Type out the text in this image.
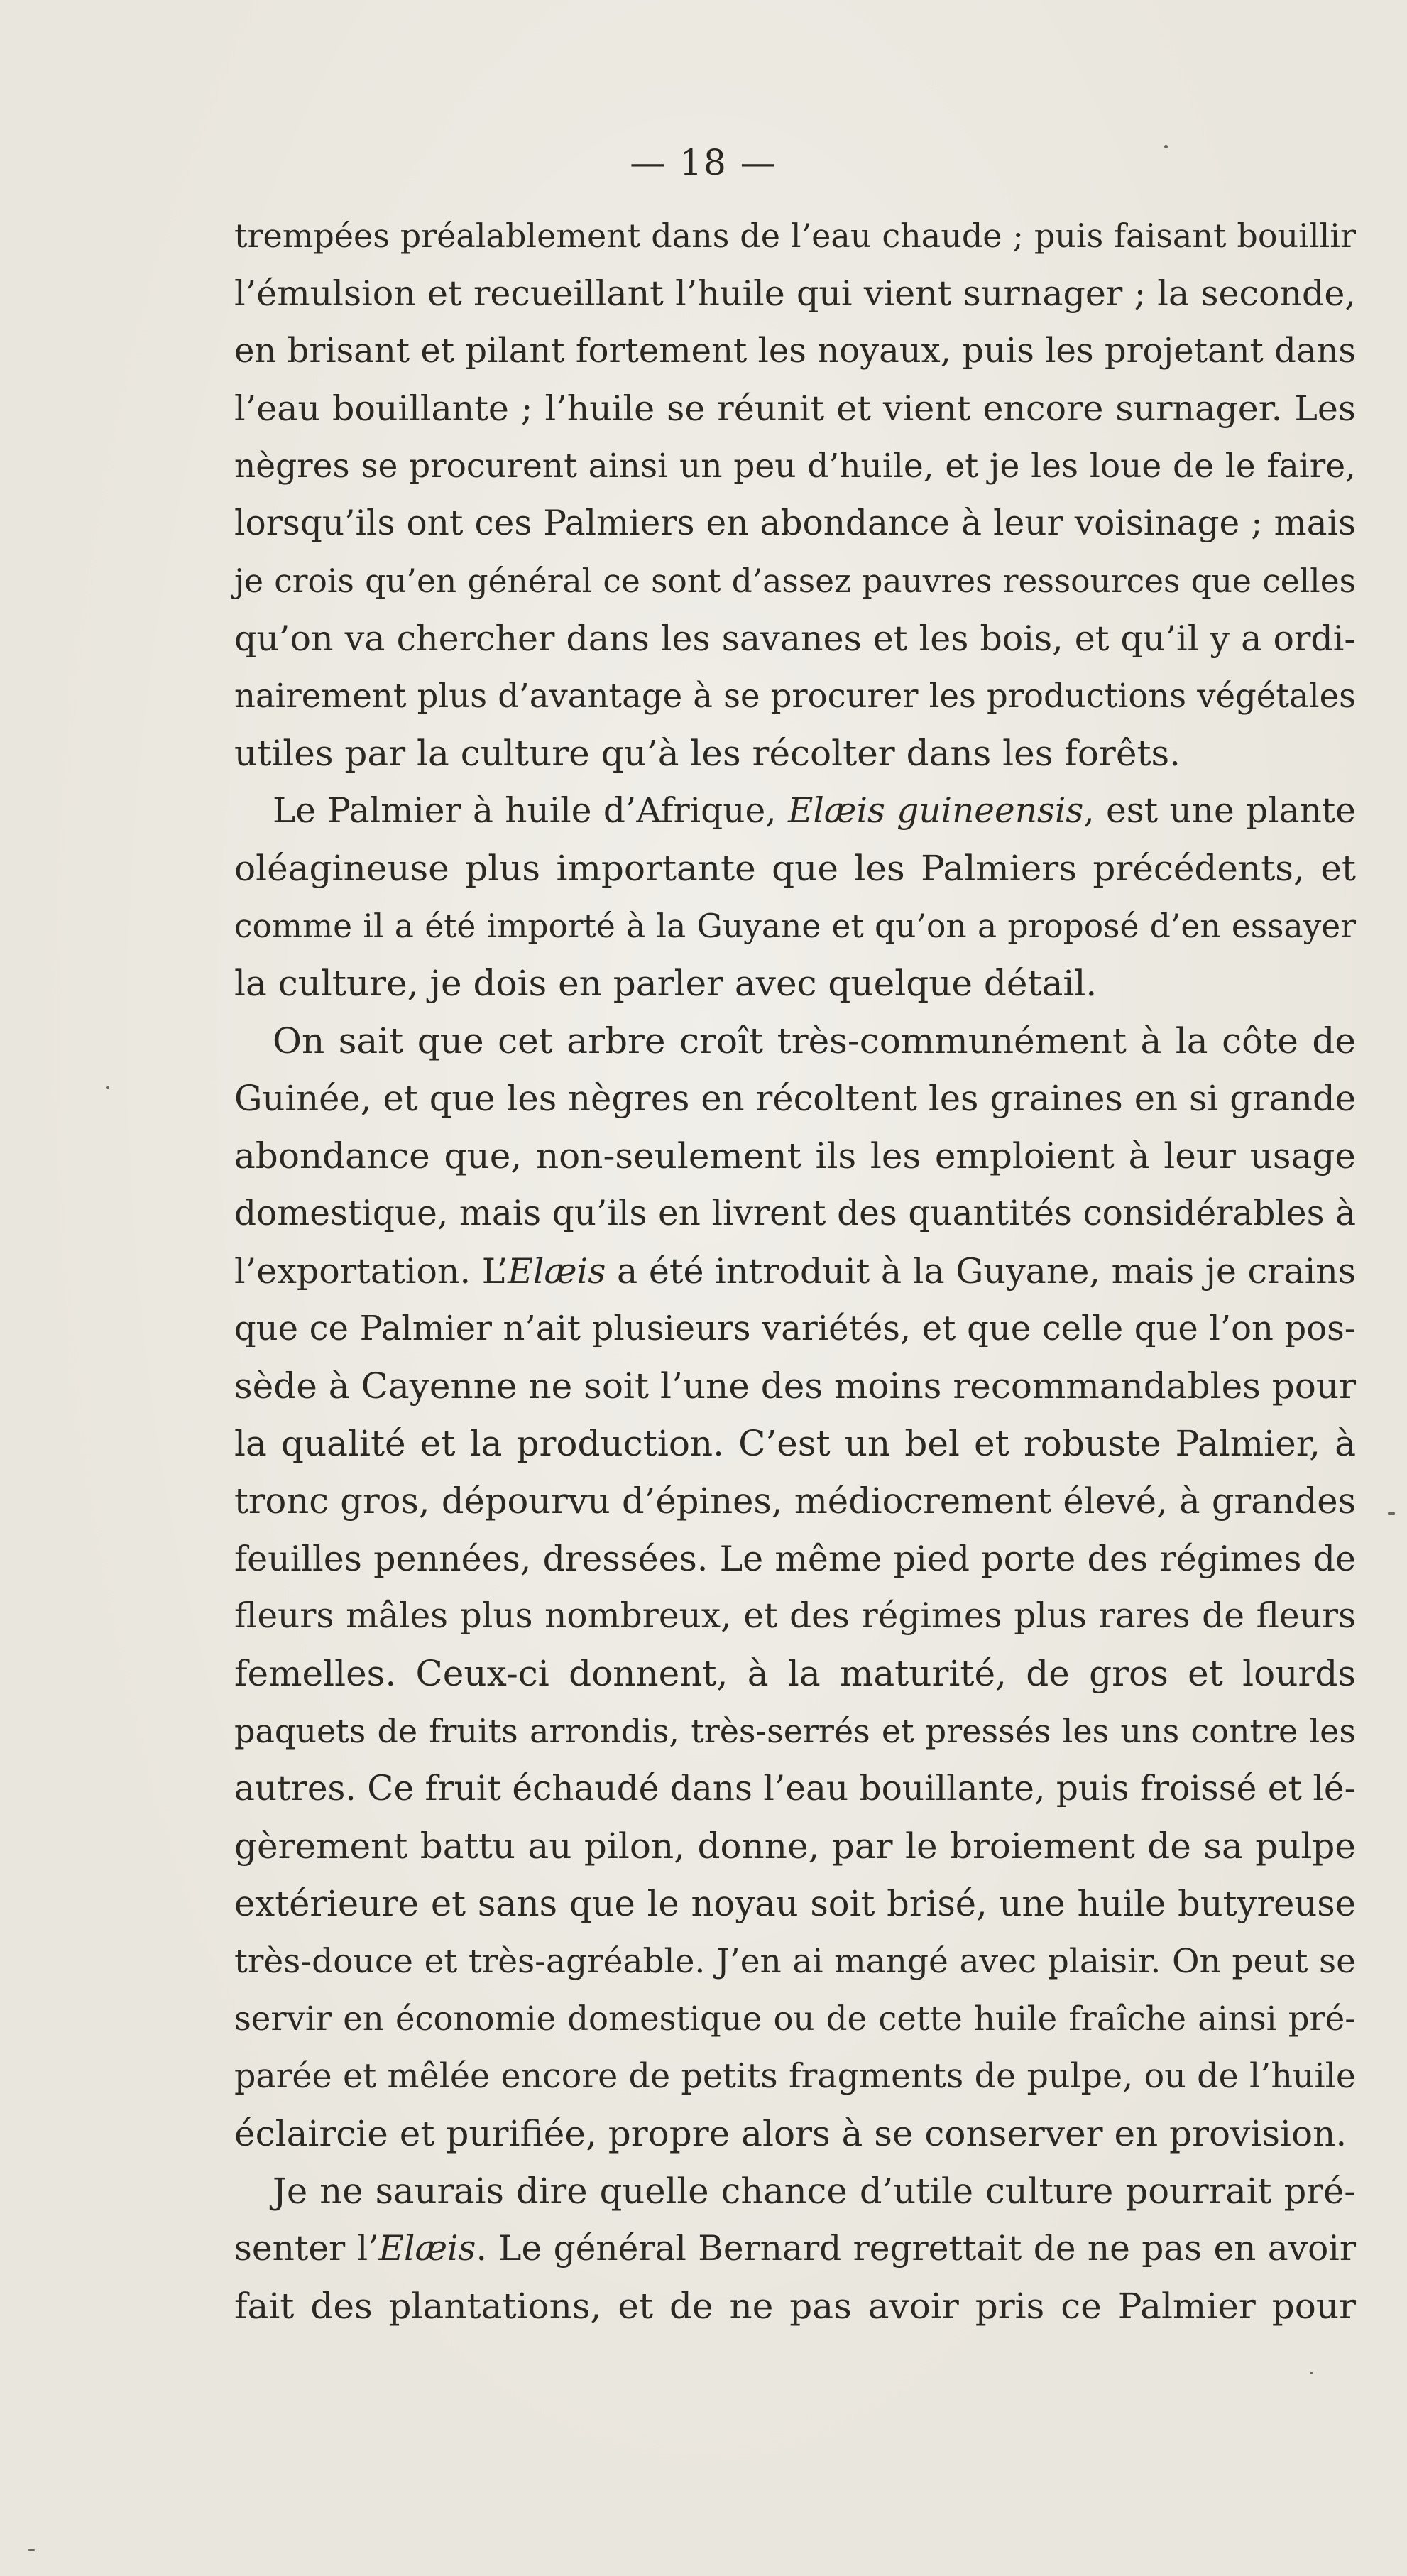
— 18 —
trempées préalablement dans de l’eau chaude ; puis faisant bouillir
l’émulsion et recueillant l’huile qui vient surnager ; la seconde,
en brisant et pilant fortement les noyaux, puis les projetant dans
l’eau bouillante ; l’huile se réunit et vient encore surnager. Les
nègres se procurent ainsi un peu d’huile, et je les loue de le faire,
lorsqu’ils ont ces Palmiers en abondance à leur voisinage ; mais
je crois qu’en général ce sont d’assez pauvres ressources que celles
qu’on va chercher dans les savanes et les bois, et qu’il y a ordi-
nairement plus d’avantage à se procurer les productions végétales
utiles par la culture qu’à les récolter dans les forêts.
Le Palmier à huile d’Afrique, Elæis guineensis, est une plante
oléagineuse plus importante que les Palmiers précédents, et
comme il a été importé à la Guyane et qu’on a proposé d’en essayer
la culture, je dois en parler avec quelque détail.
On sait que cet arbre croît très-communément à la côte de
Guinée, et que les nègres en récoltent les graines en si grande
abondance que, non-seulement ils les emploient à leur usage
domestique, mais qu’ils en livrent des quantités considérables à
l’exportation. L’Elæis a été introduit à la Guyane, mais je crains
que ce Palmier n’ait plusieurs variétés, et que celle que l’on pos-
sède à Cayenne ne soit l’une des moins recommandables pour
la qualité et la production. C’est un bel et robuste Palmier, à
tronc gros, dépourvu d’épines, médiocrement élevé, à grandes
feuilles pennées, dressées. Le même pied porte des régimes de
fleurs mâles plus nombreux, et des régimes plus rares de fleurs
femelles. Ceux-ci donnent, à la maturité, de gros et lourds
paquets de fruits arrondis, très-serrés et pressés les uns contre les
autres. Ce fruit échaudé dans l’eau bouillante, puis froissé et lé-
gèrement battu au pilon, donne, par le broiement de sa pulpe
extérieure et sans que le noyau soit brisé, une huile butyreuse
très-douce et très-agréable. J’en ai mangé avec plaisir. On peut se
servir en économie domestique ou de cette huile fraîche ainsi pré-
parée et mêlée encore de petits fragments de pulpe, ou de l’huile
éclaircie et purifiée, propre alors à se conserver en provision.
Je ne saurais dire quelle chance d’utile culture pourrait pré-
senter l’Elæis. Le général Bernard regrettait de ne pas en avoir
fait des plantations, et de ne pas avoir pris ce Palmier pour
